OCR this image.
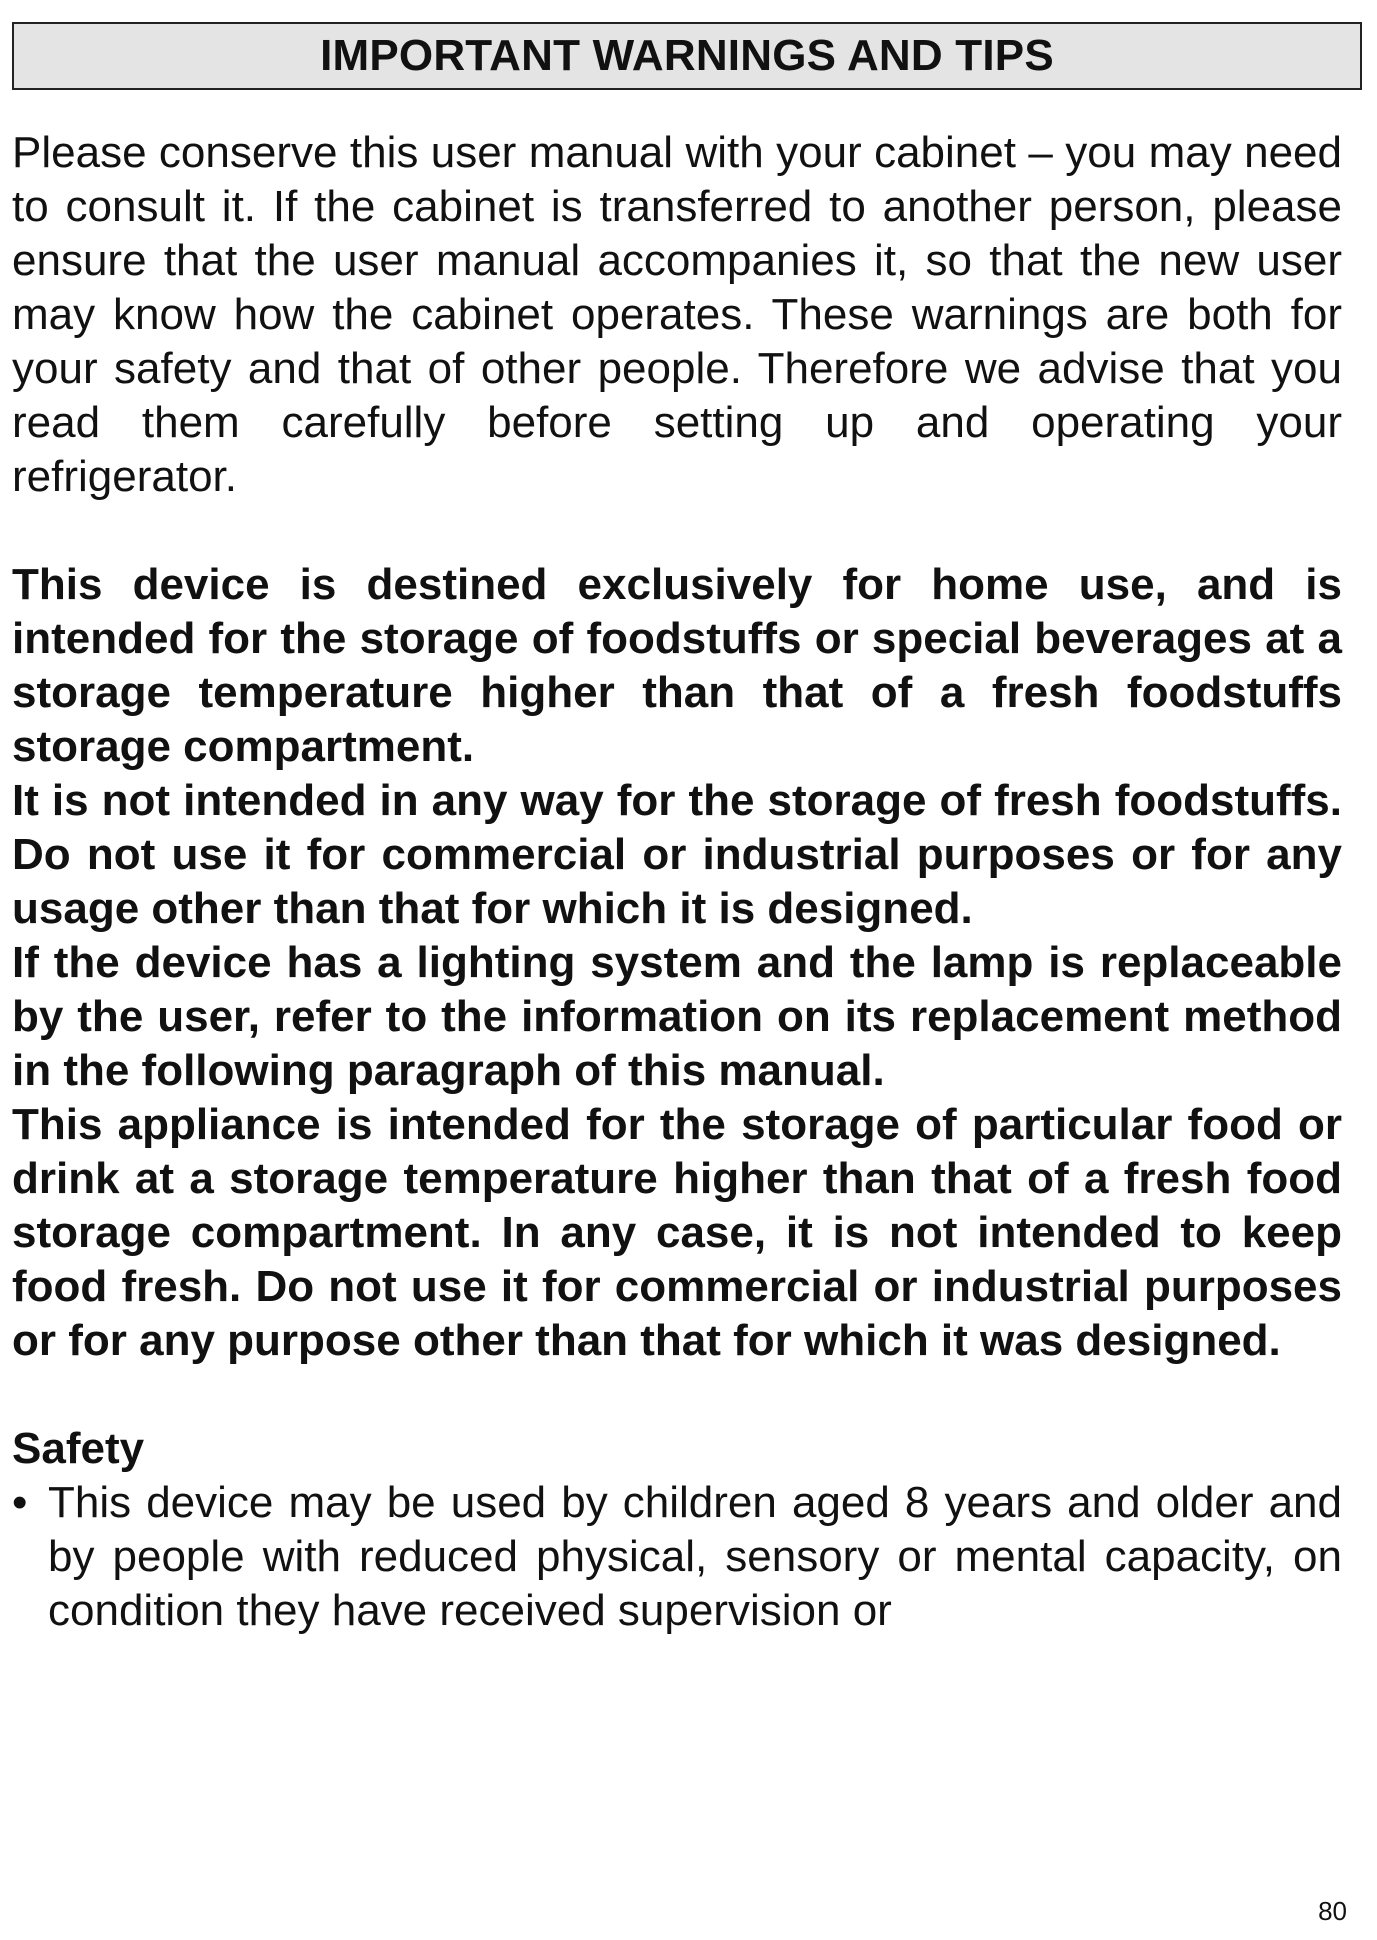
IMPORTANT WARNINGS AND TIPS

Please conserve this user manual with your cabinet – you may need to consult it. If the cabinet is transferred to another person, please ensure that the user manual accompanies it, so that the new user may know how the cabinet operates. These warnings are both for your safety and that of other people. Therefore we advise that you read them carefully before setting up and operating your refrigerator.

This device is destined exclusively for home use, and is intended for the storage of foodstuffs or special beverages at a storage temperature higher than that of a fresh foodstuffs storage compartment.

It is not intended in any way for the storage of fresh foodstuffs. Do not use it for commercial or industrial purposes or for any usage other than that for which it is designed.

If the device has a lighting system and the lamp is replaceable by the user, refer to the information on its replacement method in the following paragraph of this manual.

This appliance is intended for the storage of particular food or drink at a storage temperature higher than that of a fresh food storage compartment. In any case, it is not intended to keep food fresh. Do not use it for commercial or industrial purposes or for any purpose other than that for which it was designed.

Safety
• This device may be used by children aged 8 years and older and by people with reduced physical, sensory or mental capacity, on condition they have received supervision or
80
